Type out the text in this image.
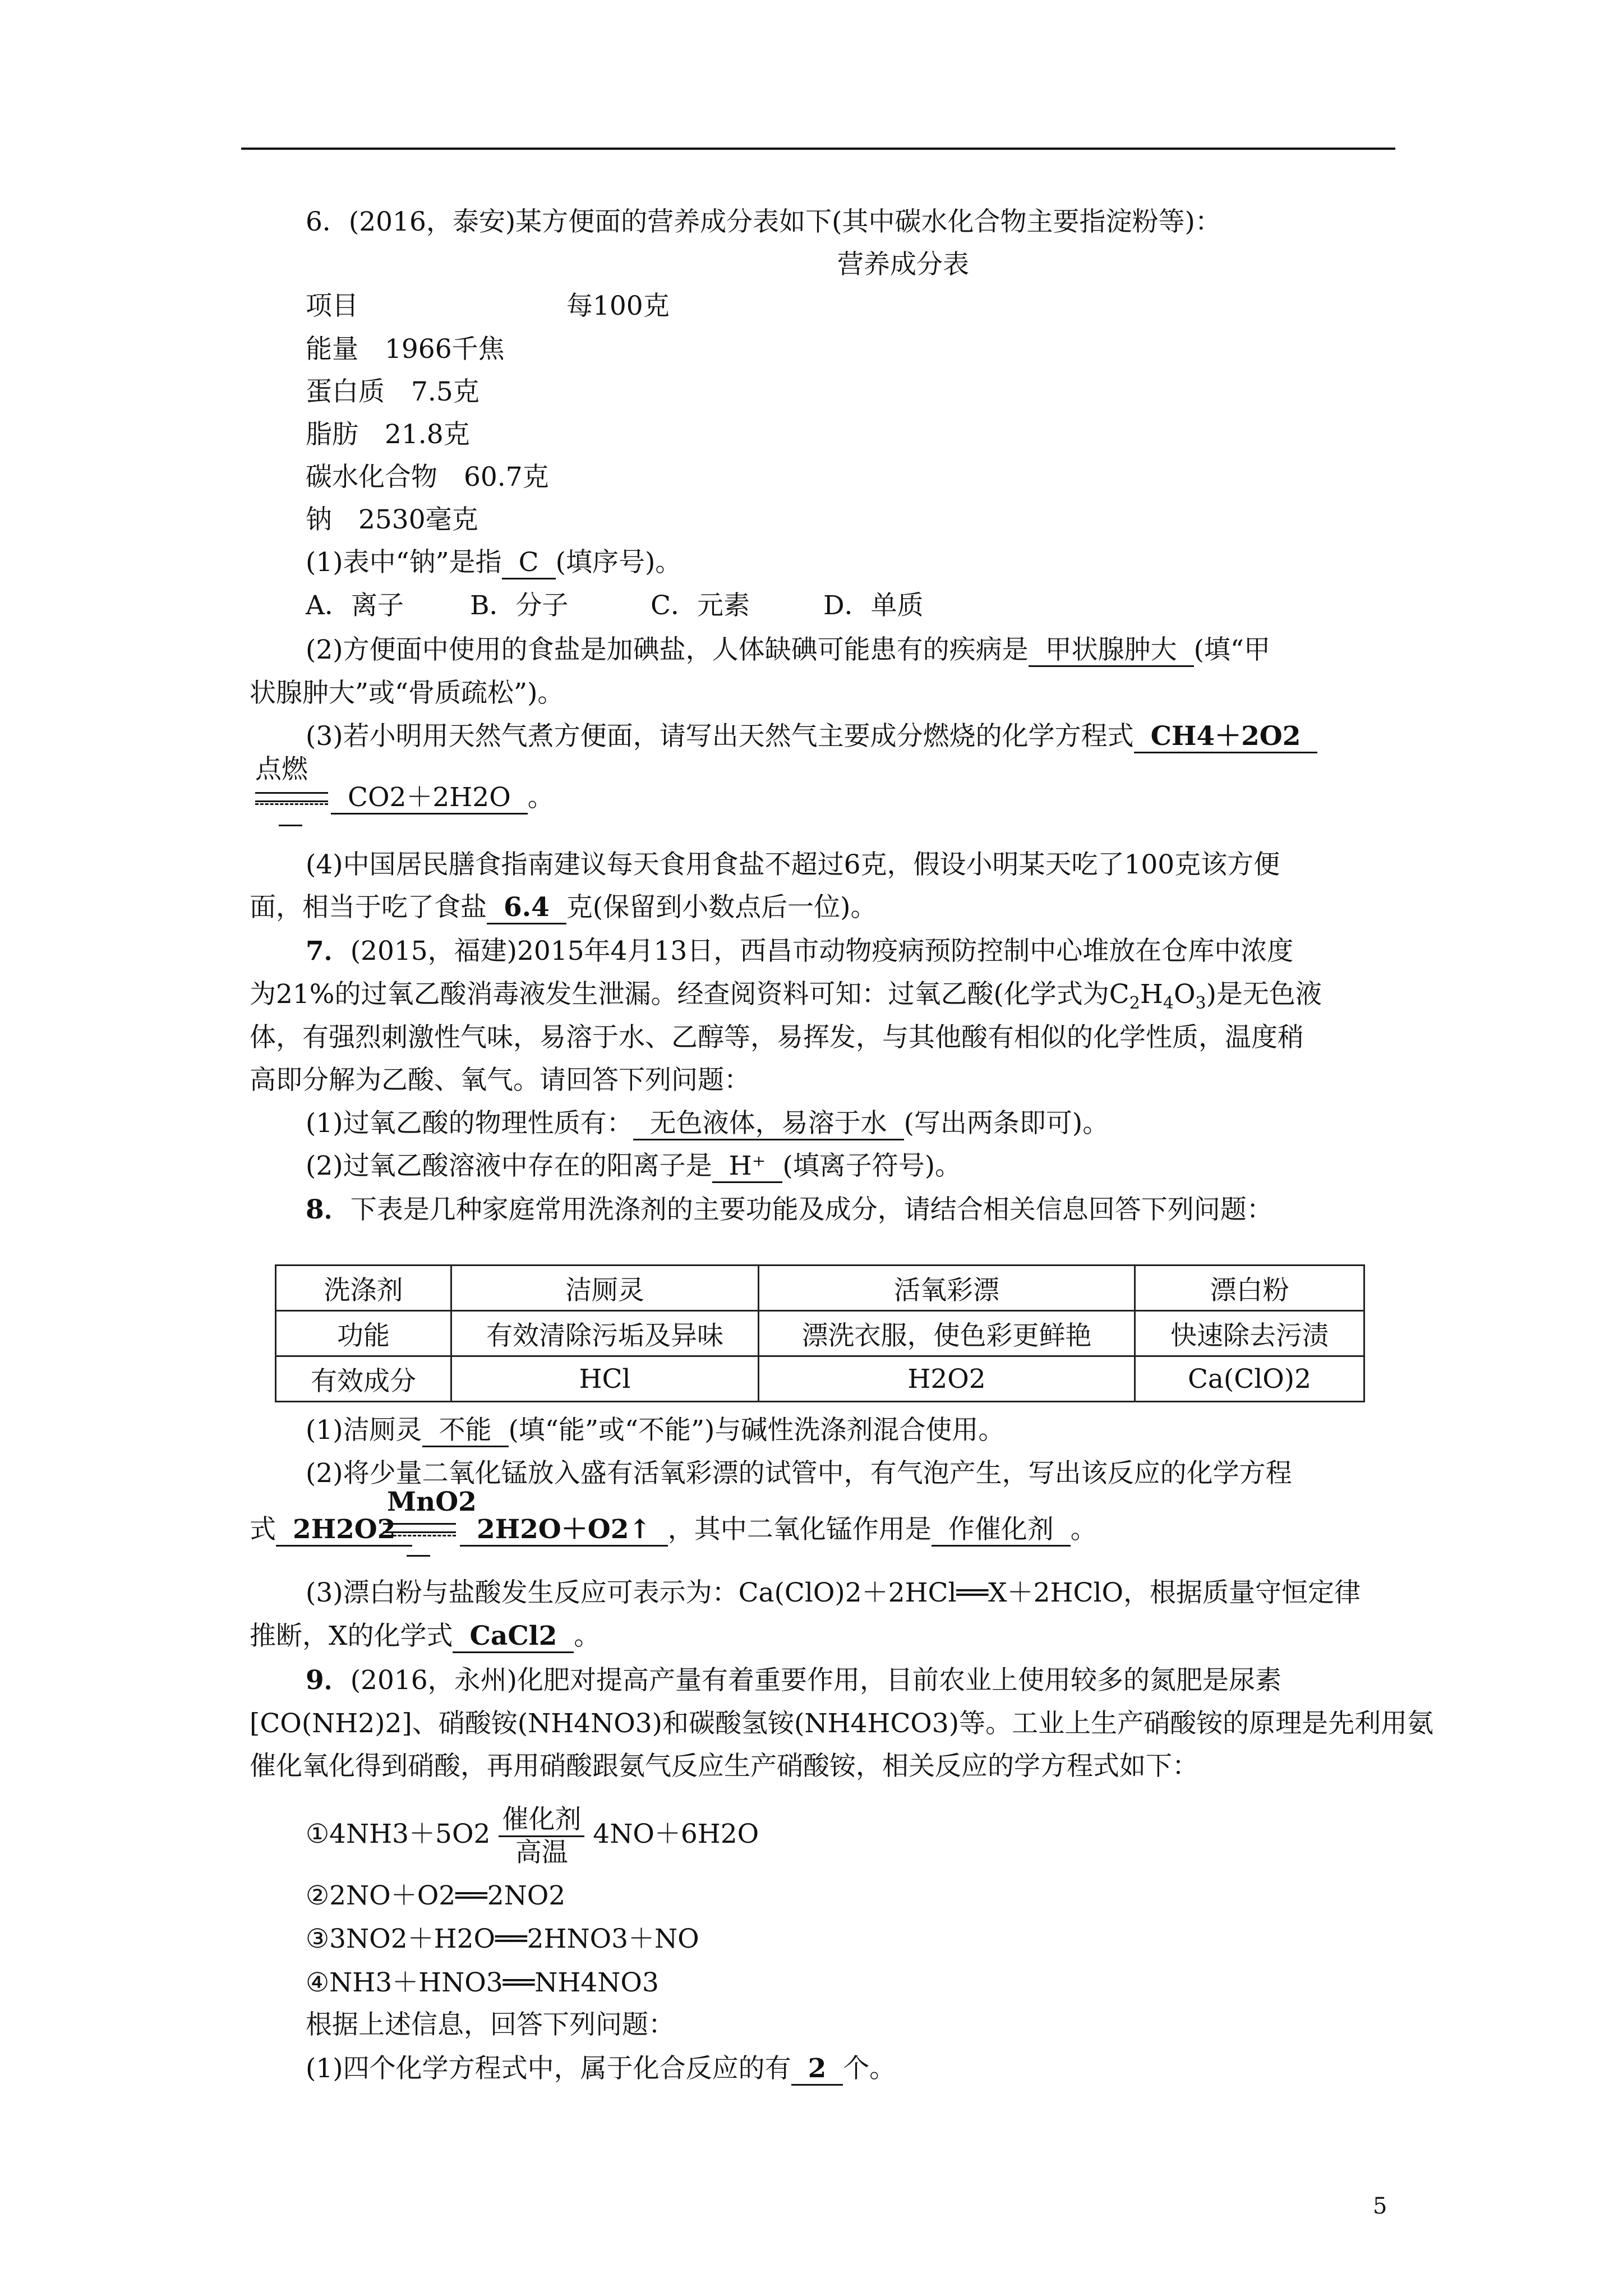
6．(2016，泰安)某方便面的营养成分表如下(其中碳水化合物主要指淀粉等)：
营养成分表
项目	每100克
能量　1966千焦
蛋白质　7.5克
脂肪　21.8克
碳水化合物　60.7克
钠　2530毫克
(1)表中“钠”是指 C (填序号)。
A．离子	B．分子	C．元素	D．单质
(2)方便面中使用的食盐是加碘盐，人体缺碘可能患有的疾病是 甲状腺肿大 (填“甲
状腺肿大”或“骨质疏松”)。
(3)若小明用天然气煮方便面，请写出天然气主要成分燃烧的化学方程式 CH4＋2O2
点燃
CO2＋2H2O 。
(4)中国居民膳食指南建议每天食用食盐不超过6克，假设小明某天吃了100克该方便
面，相当于吃了食盐 6.4 克(保留到小数点后一位)。
7．(2015，福建)2015年4月13日，西昌市动物疫病预防控制中心堆放在仓库中浓度
为21%的过氧乙酸消毒液发生泄漏。经查阅资料可知：过氧乙酸(化学式为$C_2H_4O_3$)是无色液
体，有强烈刺激性气味，易溶于水、乙醇等，易挥发，与其他酸有相似的化学性质，温度稍
高即分解为乙酸、氧气。请回答下列问题：
(1)过氧乙酸的物理性质有： 无色液体，易溶于水 (写出两条即可)。
(2)过氧乙酸溶液中存在的阳离子是 H⁺ (填离子符号)。
8．下表是几种家庭常用洗涤剂的主要功能及成分，请结合相关信息回答下列问题：
洗涤剂	洁厕灵	活氧彩漂	漂白粉
功能	有效清除污垢及异味	漂洗衣服，使色彩更鲜艳	快速除去污渍
有效成分	HCl	H2O2	Ca(ClO)2
(1)洁厕灵 不能 (填“能”或“不能”)与碱性洗涤剂混合使用。
(2)将少量二氧化锰放入盛有活氧彩漂的试管中，有气泡产生，写出该反应的化学方程
MnO2
式 2H2O2	2H2O＋O2↑ ，其中二氧化锰作用是 作催化剂 。
(3)漂白粉与盐酸发生反应可表示为：Ca(ClO)2＋2HCl══X＋2HClO，根据质量守恒定律
推断，X的化学式 CaCl2 。
9．(2016，永州)化肥对提高产量有着重要作用，目前农业上使用较多的氮肥是尿素
[CO(NH2)2]、硝酸铵(NH4NO3)和碳酸氢铵(NH4HCO3)等。工业上生产硝酸铵的原理是先利用氨
催化氧化得到硝酸，再用硝酸跟氨气反应生产硝酸铵，相关反应的学方程式如下：
①4NH3＋5O2 $\frac{\text{催化剂}}{\text{高温}} 4NO+6H2O$
②2NO＋O2══2NO2
③3NO2＋H2O══2HNO3＋NO
④NH3＋HNO3══NH4NO3
根据上述信息，回答下列问题：
(1)四个化学方程式中，属于化合反应的有 2 个。
5
